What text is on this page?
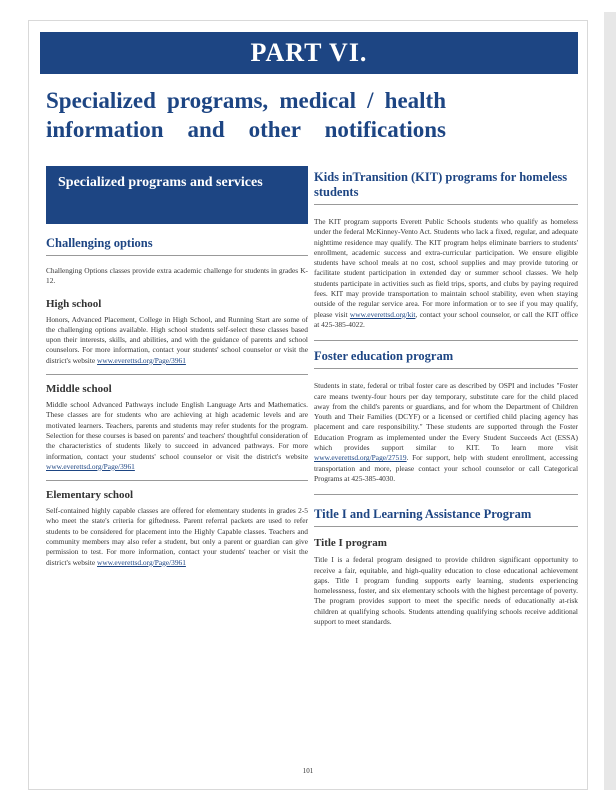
PART VI.
Specialized programs, medical / health information and other notifications
Specialized programs and services
Challenging options

Challenging Options classes provide extra academic challenge for students in grades K-12.

High school

Honors, Advanced Placement, College in High School, and Running Start are some of the challenging options available. High school students self-select these classes based upon their interests, skills, and abilities, and with the guidance of parents and school counselors. For more information, contact your students' school counselor or visit the district's website www.everettsd.org/Page/3961

Middle school

Middle school Advanced Pathways include English Language Arts and Mathematics. These classes are for students who are achieving at high academic levels and are motivated learners. Teachers, parents and students may refer students for the program. Selection for these courses is based on parents' and teachers' thoughtful consideration of the characteristics of students likely to succeed in advanced pathways. For more information, contact your students' school counselor or visit the district's website www.everettsd.org/Page/3961

Elementary school

Self-contained highly capable classes are offered for elementary students in grades 2-5 who meet the state's criteria for giftedness. Parent referral packets are used to refer students to be considered for placement into the Highly Capable classes. Teachers and community members may also refer a student, but only a parent or guardian can give permission to test. For more information, contact your students' teacher or visit the district's website www.everettsd.org/Page/3961

Kids inTransition (KIT) programs for homeless students

The KIT program supports Everett Public Schools students who qualify as homeless under the federal McKinney-Vento Act. Students who lack a fixed, regular, and adequate nighttime residence may qualify. The KIT program helps eliminate barriers to students' enrollment, academic success and extra-curricular participation. We ensure eligible students have school meals at no cost, school supplies and may provide tutoring or facilitate student participation in extended day or summer school classes. We help students participate in activities such as field trips, sports, and clubs by paying required fees. KIT may provide transportation to maintain school stability, even when staying outside of the regular service area. For more information or to see if you may qualify, please visit www.everettsd.org/kit, contact your school counselor, or call the KIT office at 425-385-4022.

Foster education program

Students in state, federal or tribal foster care as described by OSPI and includes "Foster care means twenty-four hours per day temporary, substitute care for the child placed away from the child's parents or guardians, and for whom the Department of Children Youth and Their Families (DCYF) or a licensed or certified child placing agency has placement and care responsibility." These students are supported through the Foster Education Program as implemented under the Every Student Succeeds Act (ESSA) which provides support similar to KIT. To learn more visit www.everettsd.org/Page/27519. For support, help with student enrollment, accessing transportation and more, please contact your school counselor or call Categorical Programs at 425-385-4030.

Title I and Learning Assistance Program
Title I program

Title I is a federal program designed to provide children significant opportunity to receive a fair, equitable, and high-quality education to close educational achievement gaps. Title I program funding supports early learning, students experiencing homelessness, foster, and six elementary schools with the highest percentage of poverty. The program provides support to meet the specific needs of educationally at-risk children at qualifying schools. Students attending qualifying schools receive additional support to meet standards.

101
